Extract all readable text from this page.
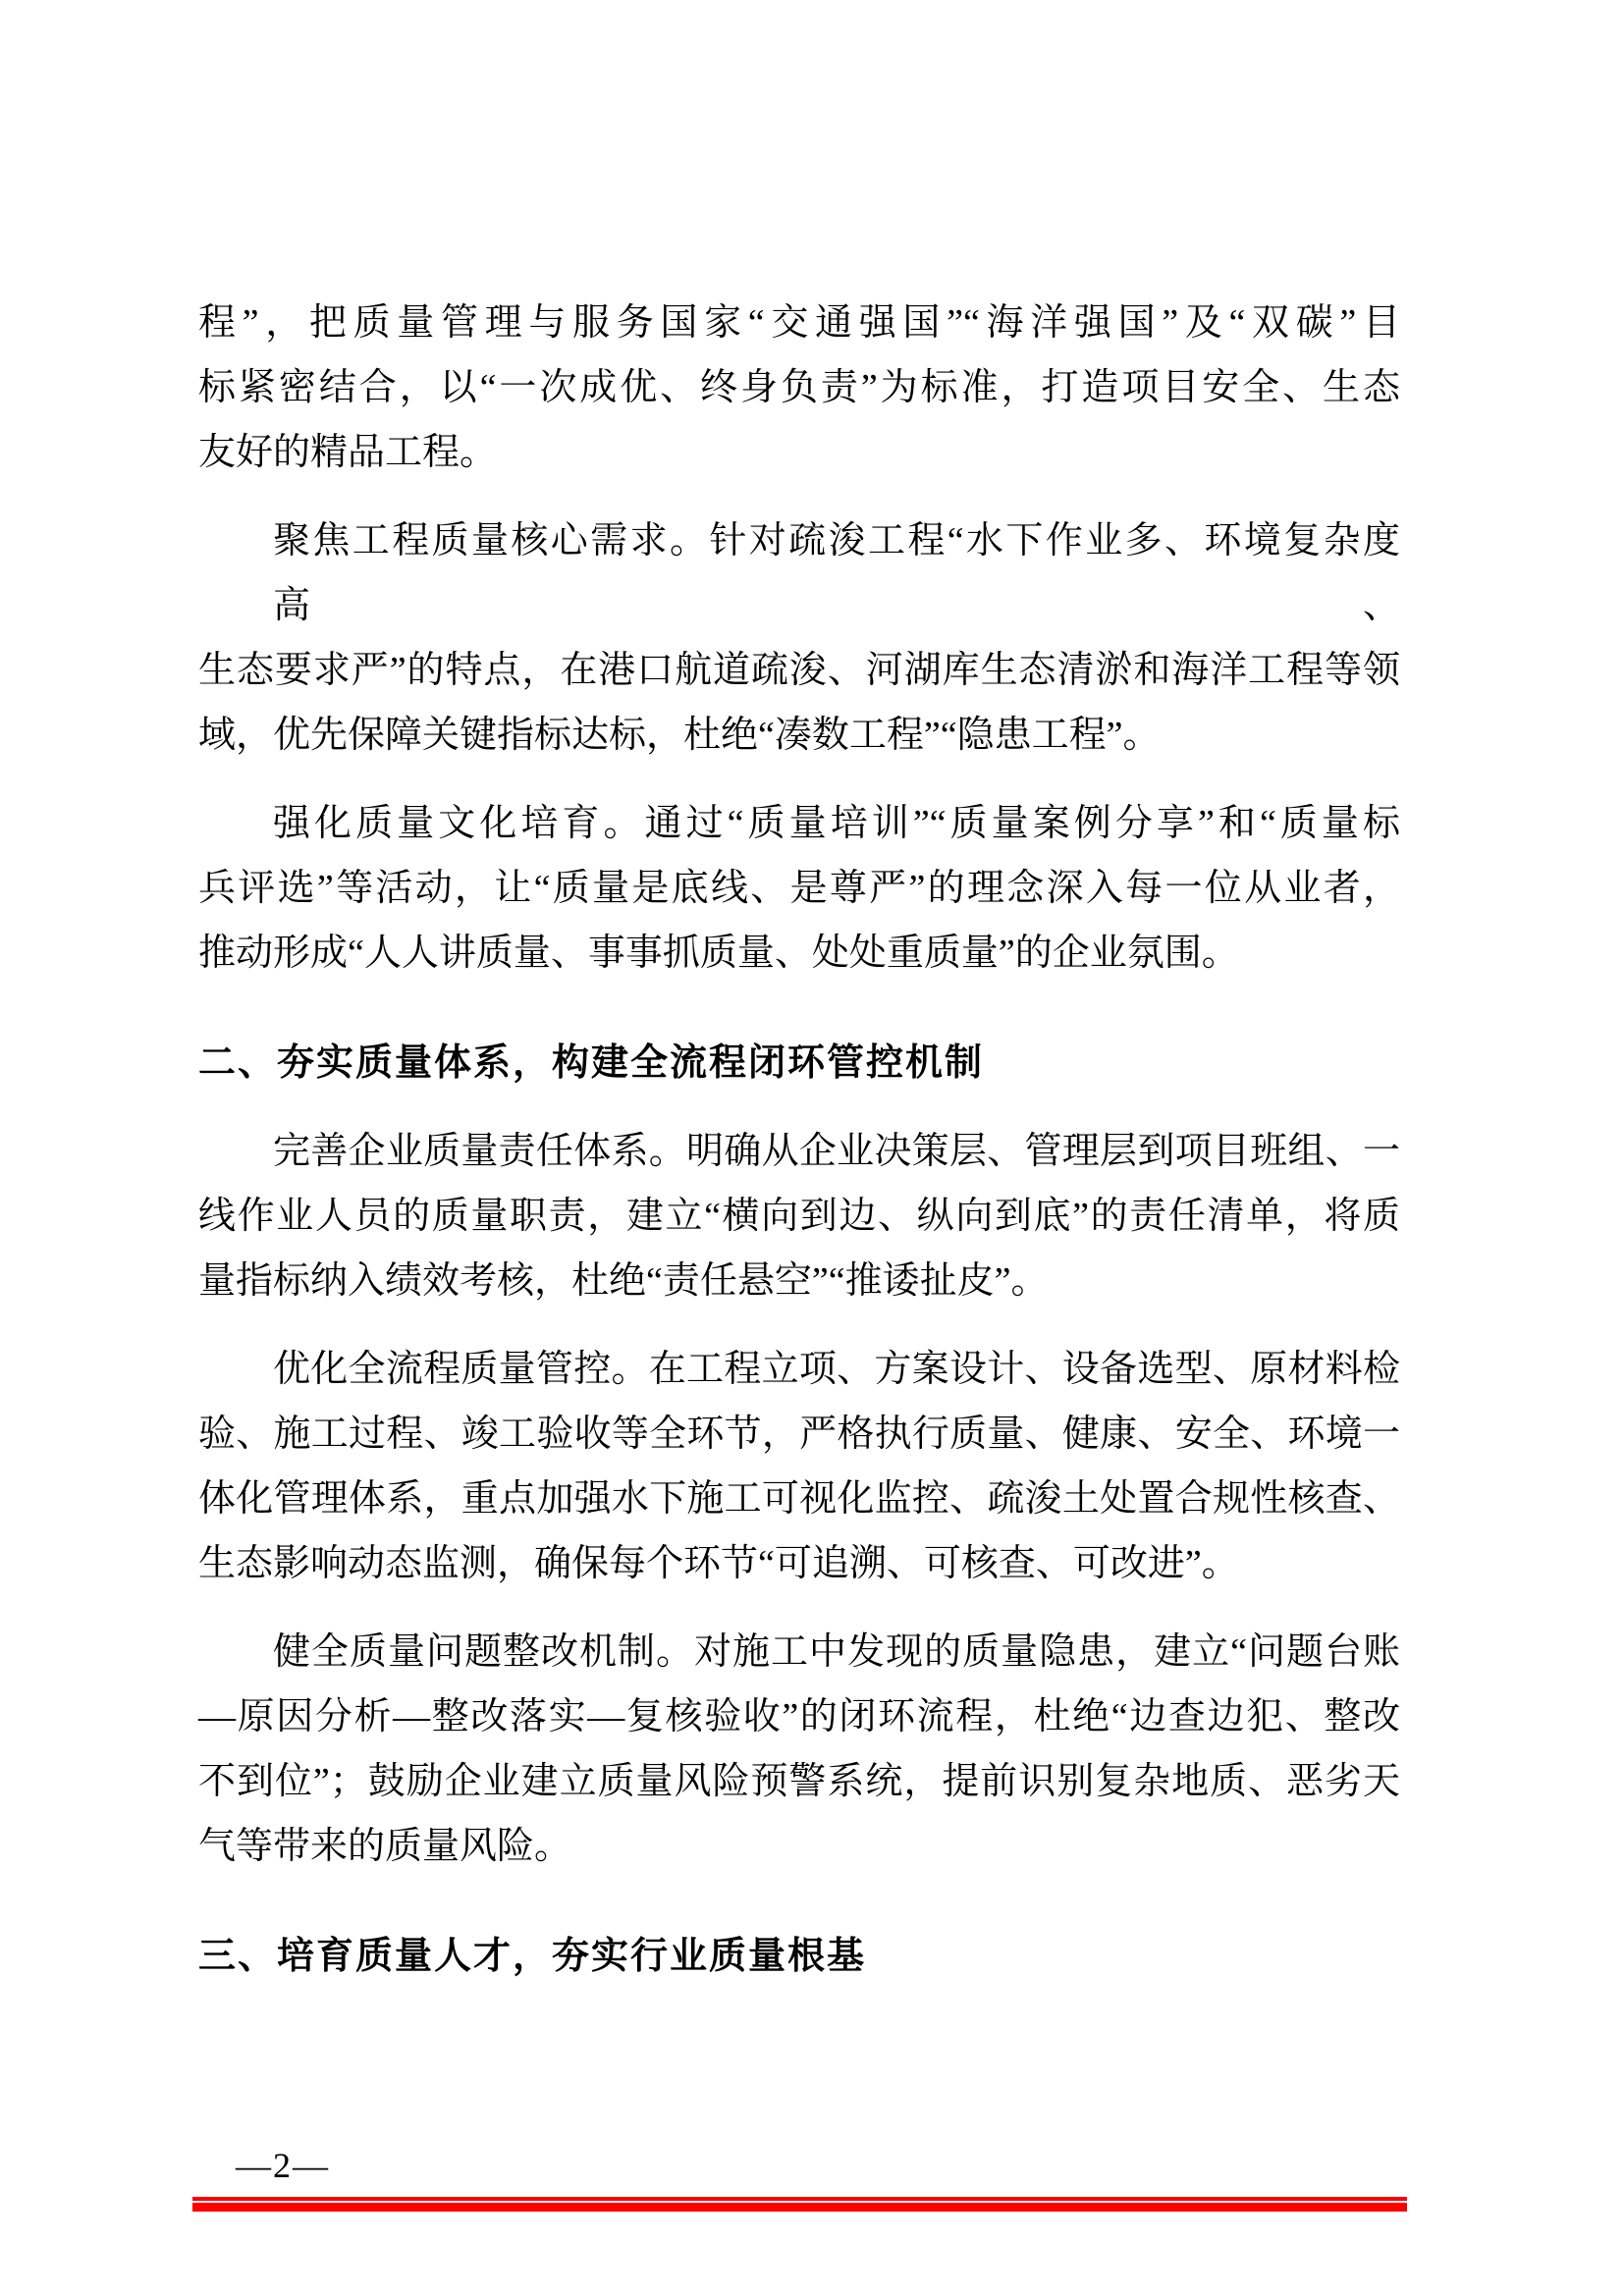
程”，把质量管理与服务国家“交通强国”“海洋强国”及“双碳”目
标紧密结合，以“一次成优、终身负责”为标准，打造项目安全、生态
友好的精品工程。
聚焦工程质量核心需求。针对疏浚工程“水下作业多、环境复杂度高、
生态要求严”的特点，在港口航道疏浚、河湖库生态清淤和海洋工程等领
域，优先保障关键指标达标，杜绝“凑数工程”“隐患工程”。
强化质量文化培育。通过“质量培训”“质量案例分享”和“质量标
兵评选”等活动，让“质量是底线、是尊严”的理念深入每一位从业者，
推动形成“人人讲质量、事事抓质量、处处重质量”的企业氛围。
二、夯实质量体系，构建全流程闭环管控机制
完善企业质量责任体系。明确从企业决策层、管理层到项目班组、一
线作业人员的质量职责，建立“横向到边、纵向到底”的责任清单，将质
量指标纳入绩效考核，杜绝“责任悬空”“推诿扯皮”。
优化全流程质量管控。在工程立项、方案设计、设备选型、原材料检
验、施工过程、竣工验收等全环节，严格执行质量、健康、安全、环境一
体化管理体系，重点加强水下施工可视化监控、疏浚土处置合规性核查、
生态影响动态监测，确保每个环节“可追溯、可核查、可改进”。
健全质量问题整改机制。对施工中发现的质量隐患，建立“问题台账
—原因分析—整改落实—复核验收”的闭环流程，杜绝“边查边犯、整改
不到位”；鼓励企业建立质量风险预警系统，提前识别复杂地质、恶劣天
气等带来的质量风险。
三、培育质量人才，夯实行业质量根基
—2—
